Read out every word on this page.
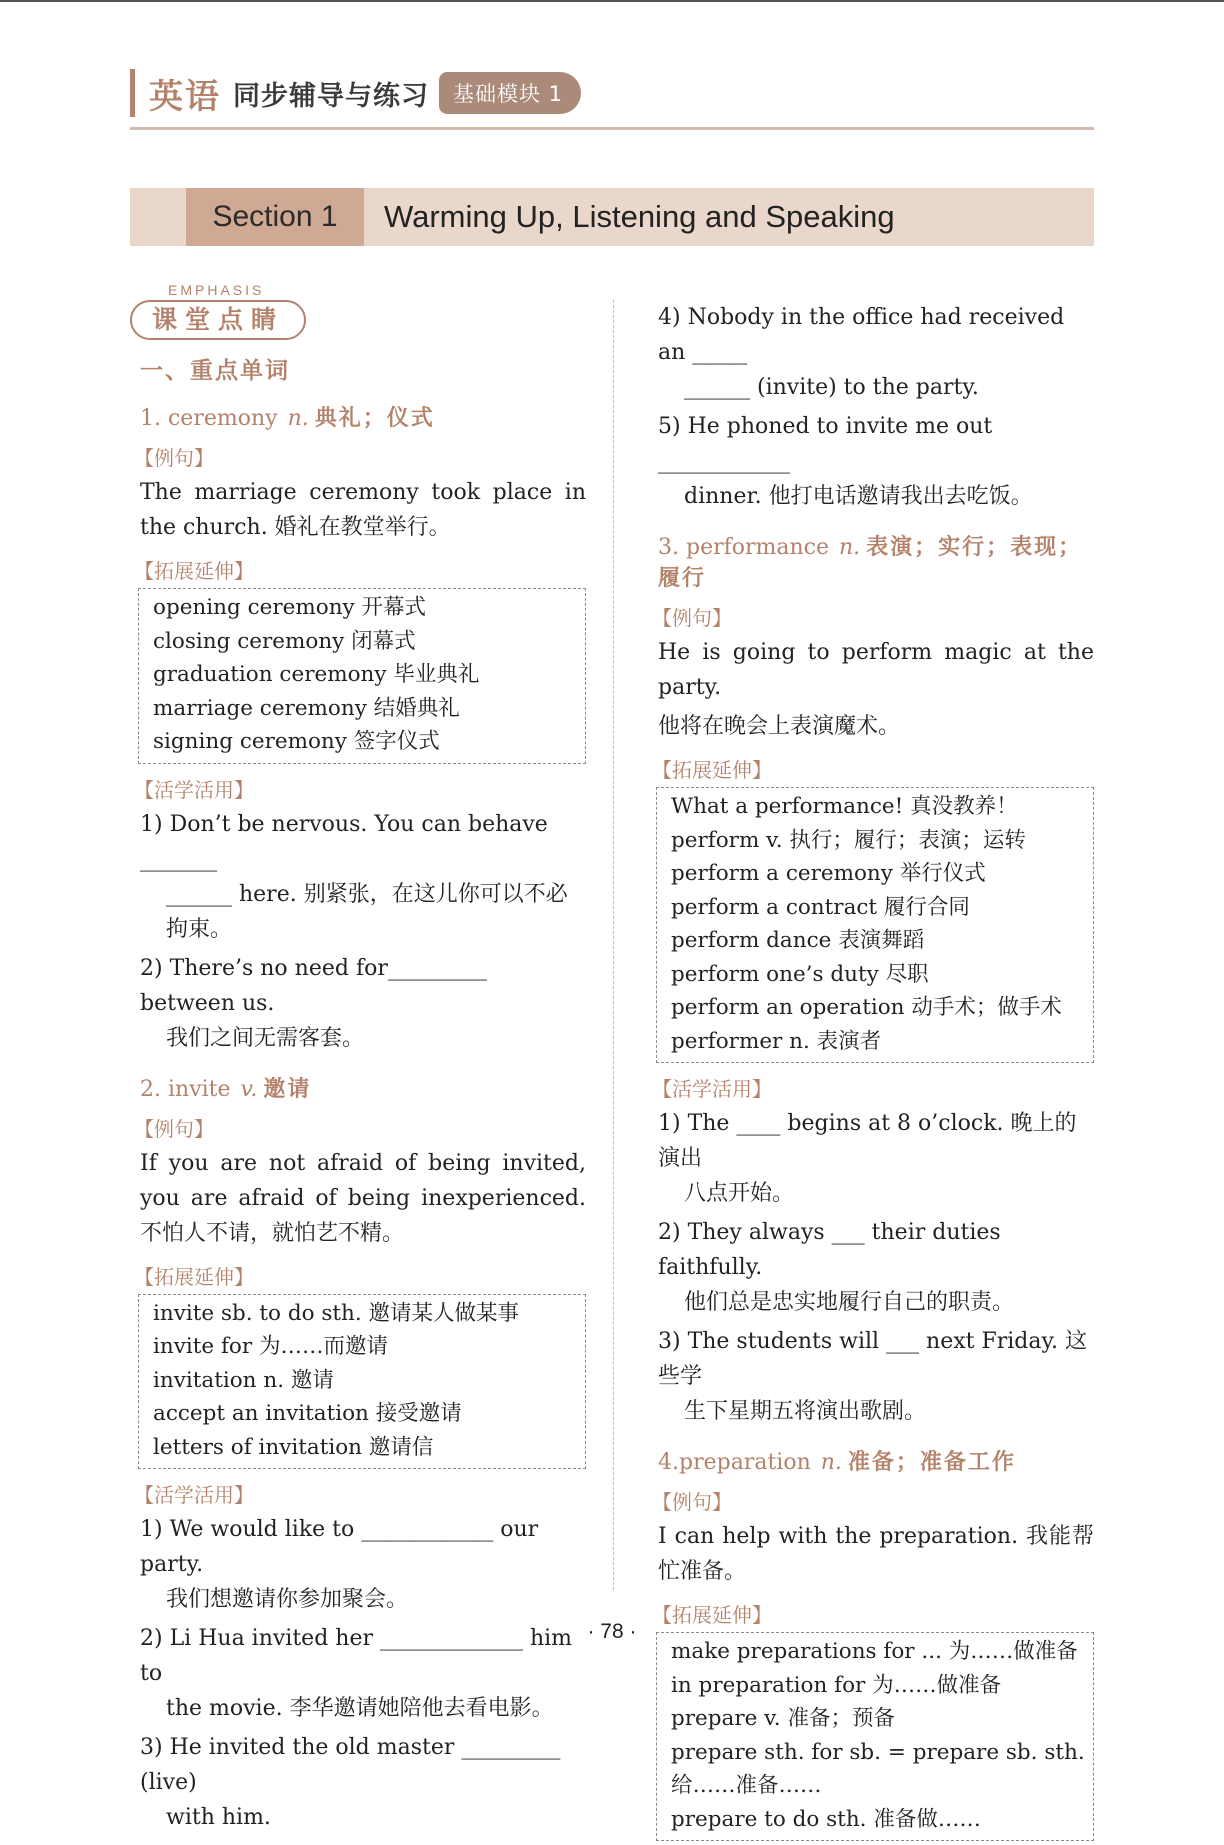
英语 同步辅导与练习	基础模块 1
Section 1	Warming Up, Listening and Speaking
EMPHASIS
课堂点睛
一、重点单词
1. ceremony n. 典礼；仪式
【例句】
The marriage ceremony took place in the church. 婚礼在教堂举行。
【拓展延伸】
opening ceremony 开幕式
closing ceremony 闭幕式
graduation ceremony 毕业典礼
marriage ceremony 结婚典礼
signing ceremony 签字仪式
【活学活用】
1) Don’t be nervous. You can behave _______
______ here. 别紧张，在这儿你可以不必
拘束。
2) There’s no need for_________ between us.
我们之间无需客套。
2. invite v. 邀请
【例句】
If you are not afraid of being invited, you are afraid of being inexperienced. 不怕人不请，就怕艺不精。
【拓展延伸】
invite sb. to do sth. 邀请某人做某事
invite for 为……而邀请
invitation n. 邀请
accept an invitation 接受邀请
letters of invitation 邀请信
【活学活用】
1) We would like to ____________ our party.
我们想邀请你参加聚会。
2) Li Hua invited her _____________ him to
the movie. 李华邀请她陪他去看电影。
3) He invited the old master _________ (live)
with him.
4) Nobody in the office had received an _____
______ (invite) to the party.
5) He phoned to invite me out ____________
dinner. 他打电话邀请我出去吃饭。
3. performance n. 表演；实行；表现；履行
【例句】
He is going to perform magic at the party.
他将在晚会上表演魔术。
【拓展延伸】
What a performance! 真没教养！
perform v. 执行；履行；表演；运转
perform a ceremony 举行仪式
perform a contract 履行合同
perform dance 表演舞蹈
perform one’s duty 尽职
perform an operation 动手术；做手术
performer n. 表演者
【活学活用】
1) The ____ begins at 8 o’clock. 晚上的演出
八点开始。
2) They always ___ their duties faithfully.
他们总是忠实地履行自己的职责。
3) The students will ___ next Friday. 这些学
生下星期五将演出歌剧。
4.preparation n. 准备；准备工作
【例句】
I can help with the preparation. 我能帮忙准备。
【拓展延伸】
make preparations for ... 为……做准备
in preparation for 为……做准备
prepare v. 准备；预备
prepare sth. for sb. = prepare sb. sth.
给……准备……
prepare to do sth. 准备做……
· 78 ·
